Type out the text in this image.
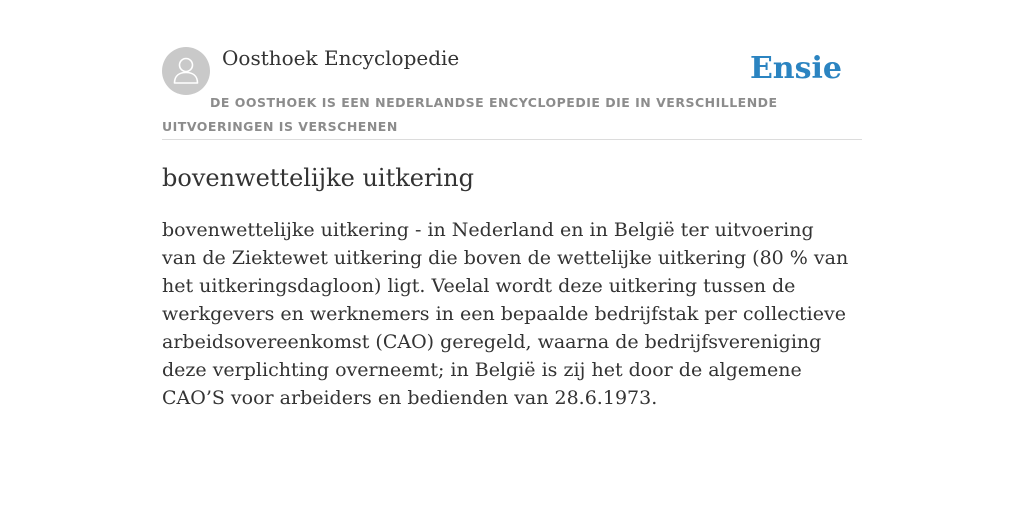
Oosthoek Encyclopedie	Ensie

DE OOSTHOEK IS EEN NEDERLANDSE ENCYCLOPEDIE DIE IN VERSCHILLENDE UITVOERINGEN IS VERSCHENEN

bovenwettelijke uitkering

bovenwettelijke uitkering - in Nederland en in België ter uitvoering van de Ziektewet uitkering die boven de wettelijke uitkering (80 % van het uitkeringsdagloon) ligt. Veelal wordt deze uitkering tussen de werkgevers en werknemers in een bepaalde bedrijfstak per collectieve arbeidsovereenkomst (CAO) geregeld, waarna de bedrijfsvereniging deze verplichting overneemt; in België is zij het door de algemene CAO’S voor arbeiders en bedienden van 28.6.1973.
